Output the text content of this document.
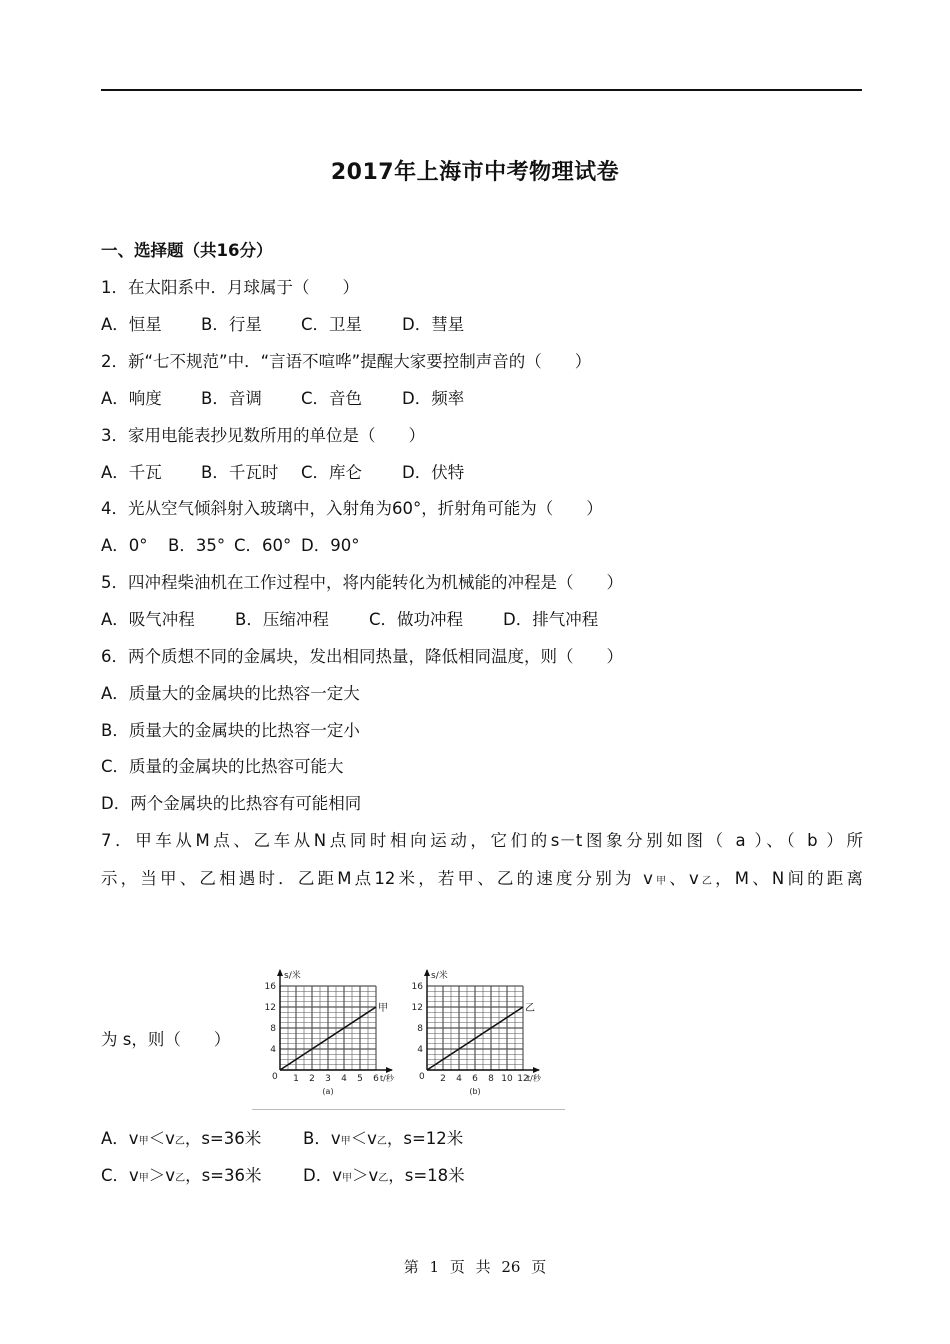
2017年上海市中考物理试卷
一、选择题（共16分）
1．在太阳系中．月球属于（　　）
A．恒星 B．行星 C．卫星 D．彗星
2．新“七不规范”中．“言语不喧哗”提醒大家要控制声音的（　　）
A．响度 B．音调 C．音色 D．频率
3．家用电能表抄见数所用的单位是（　　）
A．千瓦 B．千瓦时 C．库仑 D．伏特
4．光从空气倾斜射入玻璃中，入射角为60°，折射角可能为（　　）
A．0° B．35° C．60° D．90°
5．四冲程柴油机在工作过程中，将内能转化为机械能的冲程是（　　）
A．吸气冲程 B．压缩冲程 C．做功冲程 D．排气冲程
6．两个质想不同的金属块，发出相同热量，降低相同温度，则（　　）
A．质量大的金属块的比热容一定大
B．质量大的金属块的比热容一定小
C．质量的金属块的比热容可能大
D．两个金属块的比热容有可能相同
7．甲车从M点、乙车从N点同时相向运动，它们的s－t图象分别如图（ a ）、（ b ）所
示，当甲、乙相遇时．乙距M点12米，若甲、乙的速度分别为 v甲、v乙，M、N间的距离
为 s，则（　　）
4
8
12
16
0 1 2 3 4 5 6
s/米
t/秒
(a)
甲
4
8
12
16
0 2 4 6 8 10 12
s/米
t/秒
(b)
乙
A．v甲＜v乙，s=36米	B．v甲＜v乙，s=12米
C．v甲＞v乙，s=36米	D．v甲＞v乙，s=18米
第 1 页 共 26 页
